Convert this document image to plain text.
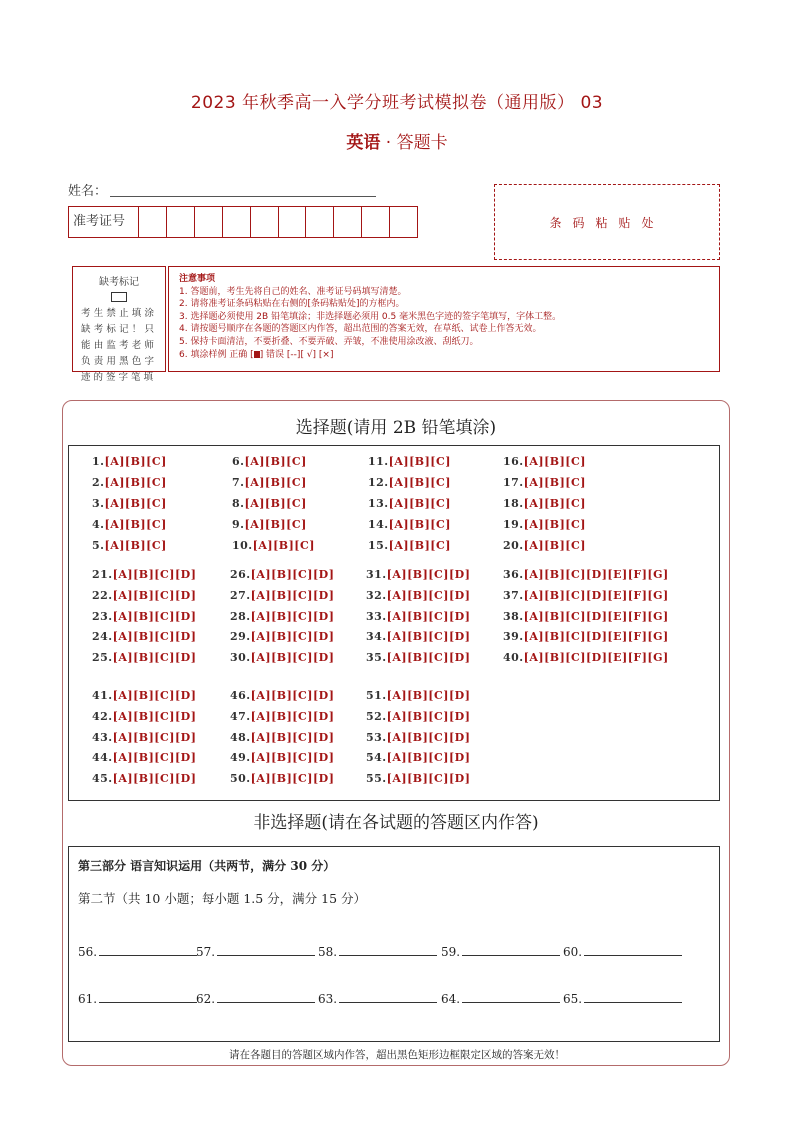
2023 年秋季高一入学分班考试模拟卷（通用版） 03
英语 · 答题卡
姓名：
准考证号	条码粘贴处
缺考标记
考生禁止填涂缺考标记！只能由监考老师负责用黑色字迹的签字笔填
注意事项
1. 答题前，考生先将自己的姓名、准考证号码填写清楚。
2. 请将准考证条码粘贴在右侧的[条码粘贴处]的方框内。
3. 选择题必须使用 2B 铅笔填涂；非选择题必须用 0.5 毫米黑色字迹的签字笔填写，字体工整。
4. 请按题号顺序在各题的答题区内作答，超出范围的答案无效，在草纸、试卷上作答无效。
5. 保持卡面清洁，不要折叠、不要弄破、弄皱，不准使用涂改液、刮纸刀。
6. 填涂样例 正确 [ ] 错误 [--][ √] [×]
选择题(请用 2B 铅笔填涂)
1.[A][B][C]
2.[A][B][C]
3.[A][B][C]
4.[A][B][C]
5.[A][B][C]
6.[A][B][C]
7.[A][B][C]
8.[A][B][C]
9.[A][B][C]
10.[A][B][C]
11.[A][B][C]
12.[A][B][C]
13.[A][B][C]
14.[A][B][C]
15.[A][B][C]
16.[A][B][C]
17.[A][B][C]
18.[A][B][C]
19.[A][B][C]
20.[A][B][C]
21.[A][B][C][D]
22.[A][B][C][D]
23.[A][B][C][D]
24.[A][B][C][D]
25.[A][B][C][D]
26.[A][B][C][D]
27.[A][B][C][D]
28.[A][B][C][D]
29.[A][B][C][D]
30.[A][B][C][D]
31.[A][B][C][D]
32.[A][B][C][D]
33.[A][B][C][D]
34.[A][B][C][D]
35.[A][B][C][D]
36.[A][B][C][D][E][F][G]
37.[A][B][C][D][E][F][G]
38.[A][B][C][D][E][F][G]
39.[A][B][C][D][E][F][G]
40.[A][B][C][D][E][F][G]
41.[A][B][C][D]
42.[A][B][C][D]
43.[A][B][C][D]
44.[A][B][C][D]
45.[A][B][C][D]
46.[A][B][C][D]
47.[A][B][C][D]
48.[A][B][C][D]
49.[A][B][C][D]
50.[A][B][C][D]
51.[A][B][C][D]
52.[A][B][C][D]
53.[A][B][C][D]
54.[A][B][C][D]
55.[A][B][C][D]
非选择题(请在各试题的答题区内作答)
第三部分 语言知识运用（共两节，满分 30 分）
第二节（共 10 小题；每小题 1.5 分，满分 15 分）
56.	57.	58.	59.	60.
61.	62.	63.	64.	65.
请在各题目的答题区域内作答，超出黑色矩形边框限定区域的答案无效！
